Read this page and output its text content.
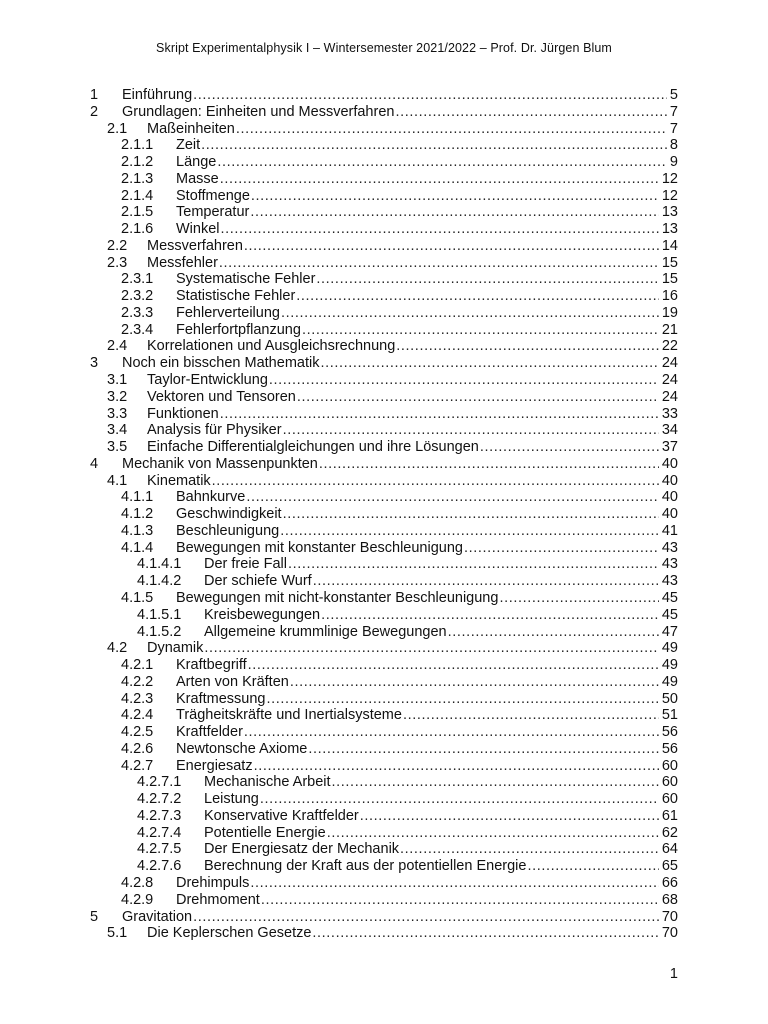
Skript Experimentalphysik I – Wintersemester 2021/2022 – Prof. Dr. Jürgen Blum
1 Einführung .....	5
2 Grundlagen: Einheiten und Messverfahren .....	7
2.1 Maßeinheiten .....	7
2.1.1 Zeit .....	8
2.1.2 Länge .....	9
2.1.3 Masse .....	12
2.1.4 Stoffmenge .....	12
2.1.5 Temperatur .....	13
2.1.6 Winkel .....	13
2.2 Messverfahren .....	14
2.3 Messfehler .....	15
2.3.1 Systematische Fehler .....	15
2.3.2 Statistische Fehler .....	16
2.3.3 Fehlerverteilung .....	19
2.3.4 Fehlerfortpflanzung .....	21
2.4 Korrelationen und Ausgleichsrechnung .....	22
3 Noch ein bisschen Mathematik .....	24
3.1 Taylor-Entwicklung .....	24
3.2 Vektoren und Tensoren .....	24
3.3 Funktionen .....	33
3.4 Analysis für Physiker .....	34
3.5 Einfache Differentialgleichungen und ihre Lösungen .....	37
4 Mechanik von Massenpunkten .....	40
4.1 Kinematik .....	40
4.1.1 Bahnkurve .....	40
4.1.2 Geschwindigkeit .....	40
4.1.3 Beschleunigung .....	41
4.1.4 Bewegungen mit konstanter Beschleunigung .....	43
4.1.4.1 Der freie Fall .....	43
4.1.4.2 Der schiefe Wurf .....	43
4.1.5 Bewegungen mit nicht-konstanter Beschleunigung .....	45
4.1.5.1 Kreisbewegungen .....	45
4.1.5.2 Allgemeine krummlinige Bewegungen .....	47
4.2 Dynamik .....	49
4.2.1 Kraftbegriff .....	49
4.2.2 Arten von Kräften .....	49
4.2.3 Kraftmessung .....	50
4.2.4 Trägheitskräfte und Inertialsysteme .....	51
4.2.5 Kraftfelder .....	56
4.2.6 Newtonsche Axiome .....	56
4.2.7 Energiesatz .....	60
4.2.7.1 Mechanische Arbeit .....	60
4.2.7.2 Leistung .....	60
4.2.7.3 Konservative Kraftfelder .....	61
4.2.7.4 Potentielle Energie .....	62
4.2.7.5 Der Energiesatz der Mechanik .....	64
4.2.7.6 Berechnung der Kraft aus der potentiellen Energie .....	65
4.2.8 Drehimpuls .....	66
4.2.9 Drehmoment .....	68
5 Gravitation .....	70
5.1 Die Keplerschen Gesetze .....	70
1
